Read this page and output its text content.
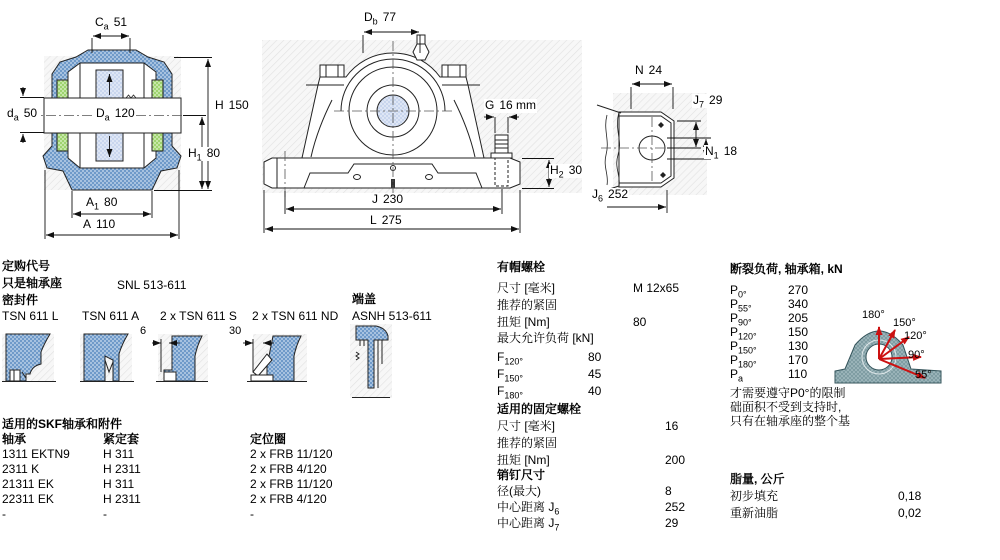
180°
150°
120°
90°
55°
$C_a$ 51	$D_b$ 77
N 24
$J_7$ 29
G 16 mm
$d_a$ 50	$D_a$ 120
H 150
$N_1$ 18
$H_1$ 80
$H_2$ 30
$A_1$ 80	J 230	$J_6$ 252
A 110	L 275
定购代号
只是轴承座	SNL 513-611
密封件
TSN 611 L TSN 611 A 2 x TSN 611 S 2 x TSN 611 ND
端盖
ASNH 513-611
6	30
适用的SKF轴承和附件
轴承	紧定套	定位圈
1311 EKTN9	H 311	2 x FRB 11/120
2311 K	H 2311	2 x FRB 4/120
21311 EK	H 311	2 x FRB 11/120
22311 EK	H 2311	2 x FRB 4/120
-	-	-
有帽螺栓
尺寸 [毫米]	M 12x65
推荐的紧固
扭矩 [Nm]	80
最大允许负荷 [kN]
$F_{120^\circ}$	80
$F_{150^\circ}$	45
$F_{180^\circ}$	40
适用的固定螺栓
尺寸 [毫米]	16
推荐的紧固
扭矩 [Nm]	200
销钉尺寸
径(最大)	8
中心距离 $J_6$	252
中心距离 $J_7$	29
断裂负荷, 轴承箱, kN
$P_{0^\circ}$	270
$P_{55^\circ}$	340
$P_{90^\circ}$	205
$P_{120^\circ}$	150
$P_{150^\circ}$	130
$P_{180^\circ}$	170
$P_a$	110
才需要遵守P0°的限制
础面积不受到支持时,
只有在轴承座的整个基
脂量, 公斤
初步填充	0,18
重新油脂	0,02
